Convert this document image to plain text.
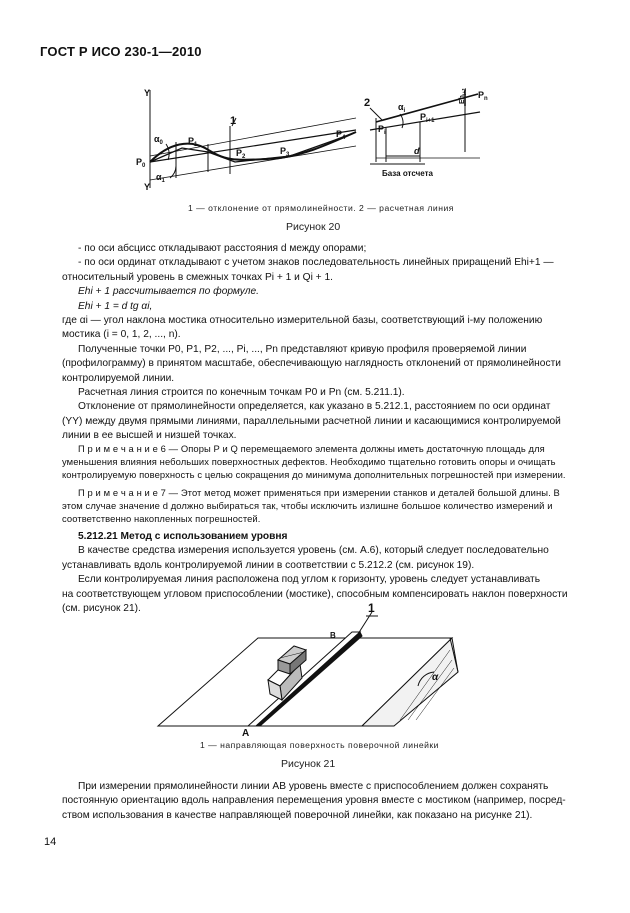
ГОСТ Р ИСО 230-1—2010
Y
Y
$P_0$
$P_1$
$P_2$
$P_3$
$P_4$
$P_i$
$P_{i+1}$
$P_n$
$\alpha_0$
$\alpha_1$
$\alpha_i$
d
$Eh_{i+1}$
1
2
База отсчета
1 — отклонение от прямолинейности. 2 — расчетная линия
Рисунок 20
- по оси абсцисс откладывают расстояния d между опорами;
- по оси ординат откладывают с учетом знаков последовательность линейных приращений Ehi+1 —
относительный уровень в смежных точках Pi + 1 и Qi + 1.
Ehi + 1 рассчитывается по формуле.
Ehi + 1 = d tg αi,
где αi — угол наклона мостика относительно измерительной базы, соответствующий i-му положению
мостика (i = 0, 1, 2, ..., n).
Полученные точки P0, P1, P2, ..., Pi, ..., Pn представляют кривую профиля проверяемой линии
(профилограмму) в принятом масштабе, обеспечивающую наглядность отклонений от прямолинейности
контролируемой линии.
Расчетная линия строится по конечным точкам P0 и Pn (см. 5.211.1).
Отклонение от прямолинейности определяется, как указано в 5.212.1, расстоянием по оси ординат
(YY) между двумя прямыми линиями, параллельными расчетной линии и касающимися контролируемой
линии в ее высшей и низшей точках.
П р и м е ч а н и е 6 — Опоры P и Q перемещаемого элемента должны иметь достаточную площадь для
уменьшения влияния небольших поверхностных дефектов. Необходимо тщательно готовить опоры и очищать
контролируемую поверхность с целью сокращения до минимума дополнительных погрешностей при измерении.
П р и м е ч а н и е 7 — Этот метод может применяться при измерении станков и деталей большой длины. В
этом случае значение d должно выбираться так, чтобы исключить излишне большое количество измерений и
соответственно накопленных погрешностей.
5.212.21 Метод с использованием уровня
В качестве средства измерения используется уровень (см. А.6), который следует последовательно
устанавливать вдоль контролируемой линии в соответствии с 5.212.2 (см. рисунок 19).
Если контролируемая линия расположена под углом к горизонту, уровень следует устанавливать
на соответствующем угловом приспособлении (мостике), способным компенсировать наклон поверхности
(см. рисунок 21).	1
A
B
α
1 — направляющая поверхность поверочной линейки
Рисунок 21
При измерении прямолинейности линии AB уровень вместе с приспособлением должен сохранять
постоянную ориентацию вдоль направления перемещения уровня вместе с мостиком (например, посред-
ством использования в качестве направляющей поверочной линейки, как показано на рисунке 21).
14
